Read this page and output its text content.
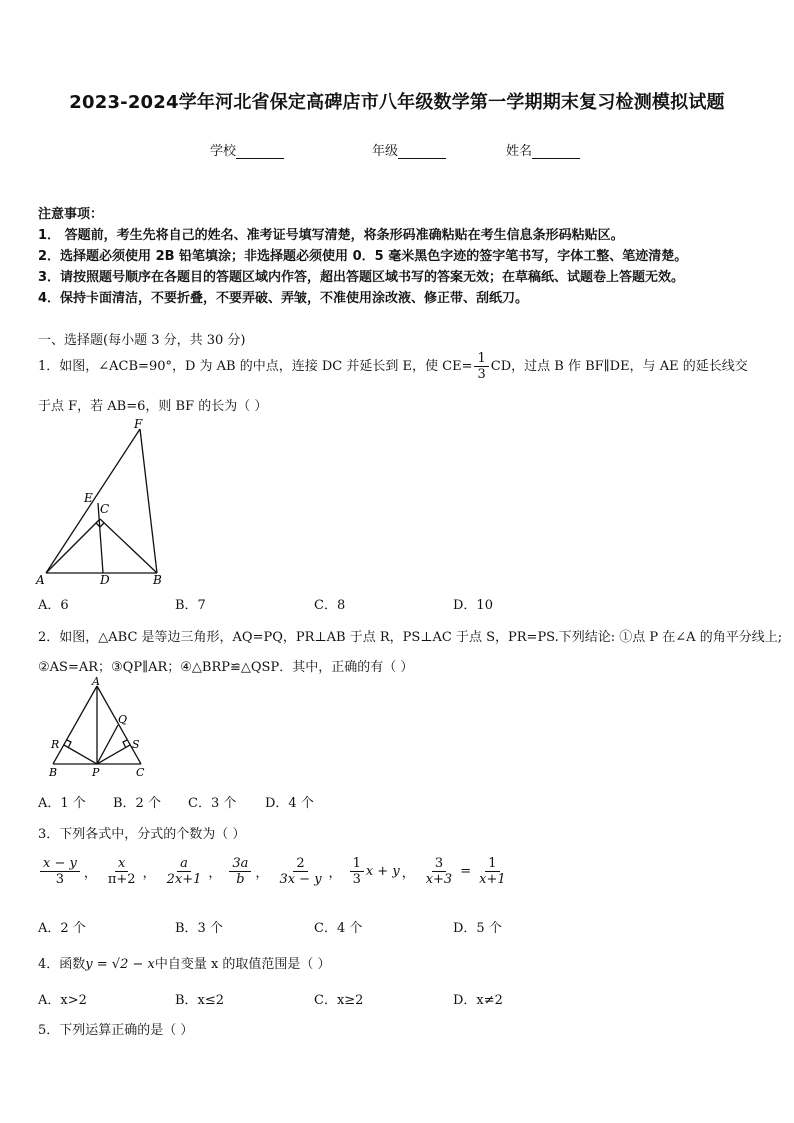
2023-2024学年河北省保定高碑店市八年级数学第一学期期末复习检测模拟试题
学校	年级	姓名
注意事项：
1． 答题前，考生先将自己的姓名、准考证号填写清楚，将条形码准确粘贴在考生信息条形码粘贴区。
2．选择题必须使用 2B 铅笔填涂；非选择题必须使用 0．5 毫米黑色字迹的签字笔书写，字体工整、笔迹清楚。
3．请按照题号顺序在各题目的答题区域内作答，超出答题区域书写的答案无效；在草稿纸、试题卷上答题无效。
4．保持卡面清洁，不要折叠，不要弄破、弄皱，不准使用涂改液、修正带、刮纸刀。
一、选择题(每小题 3 分，共 30 分)
1．如图，∠ACB=90°，D 为 AB 的中点，连接 DC 并延长到 E，使 $CE= \frac{1}{3}$ CD，过点 B 作 BF∥DE，与 AE 的延长线交
于点 F，若 AB=6，则 BF 的长为（ ）
F
E
C
A	D	B
A．6	B．7	C．8	D．10
2．如图，△ABC 是等边三角形，AQ=PQ，PR⊥AB 于点 R，PS⊥AC 于点 S，PR=PS.下列结论: ①点 P 在∠A 的角平分线上;
②AS=AR；③QP∥AR；④△BRP≌△QSP．其中，正确的有（ ）
A
Q
R	S
B	P	C
A．1 个 B．2 个 C．3 个 D．4 个
3．下列各式中，分式的个数为（ ）
$\frac{x - y}{3}$ ， $\frac{x}{\pi+2}$ ， $\frac{a}{2x+1}$ ， $\frac{3a}{b}$ ， $\frac{2}{3x - y}$ ， $\frac{1}{3}$ x + y ， $\frac{3}{x+3} = \frac{1}{x+1}$
A．2 个	B．3 个	C．4 个	D．5 个
4．函数y = √2 − x中自变量 x 的取值范围是（ ）
A．x>2	B．x≤2	C．x≥2	D．x≠2
5．下列运算正确的是（ ）
